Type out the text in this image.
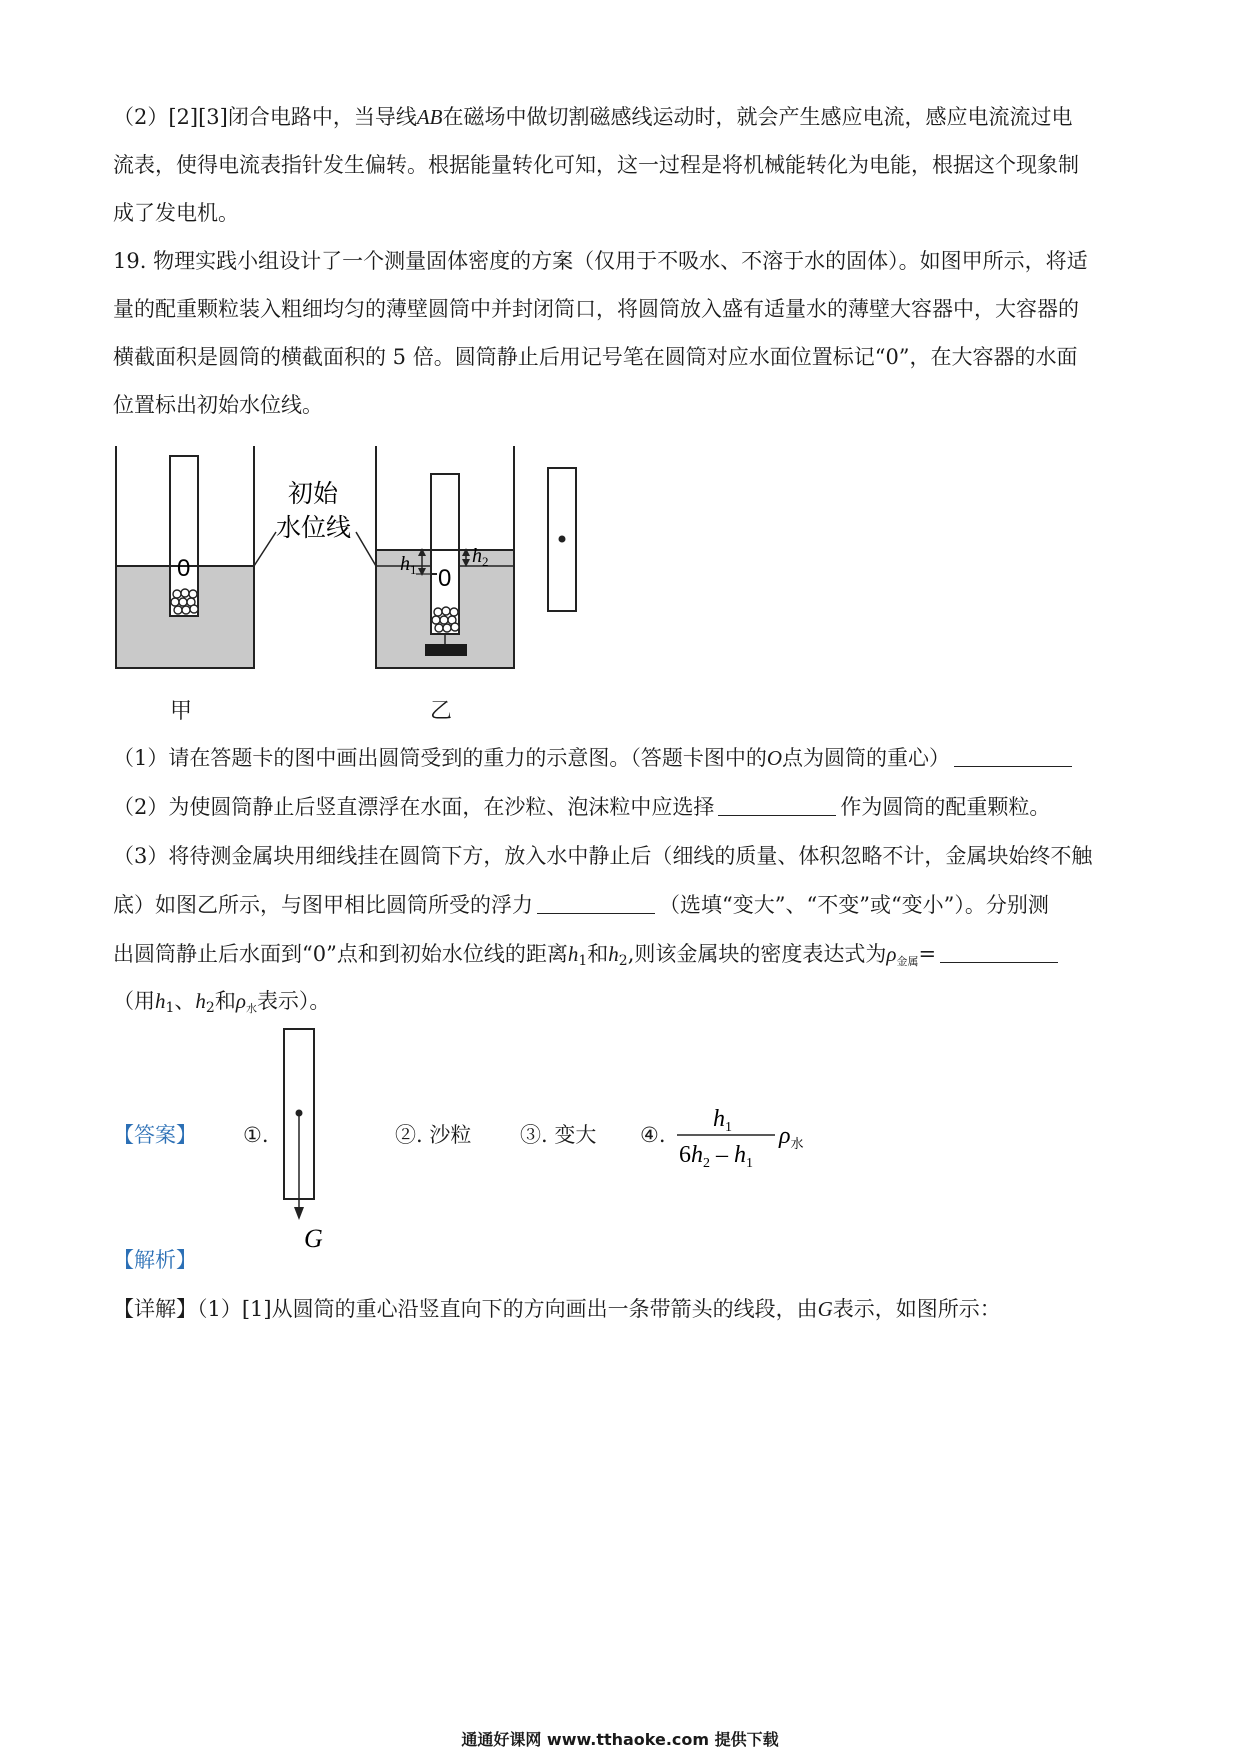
（2）[2][3]闭合电路中，当导线AB在磁场中做切割磁感线运动时，就会产生感应电流，感应电流流过电
流表，使得电流表指针发生偏转。根据能量转化可知，这一过程是将机械能转化为电能，根据这个现象制
成了发电机。
19. 物理实践小组设计了一个测量固体密度的方案（仅用于不吸水、不溶于水的固体）。如图甲所示，将适
量的配重颗粒装入粗细均匀的薄壁圆筒中并封闭筒口，将圆筒放入盛有适量水的薄壁大容器中，大容器的
横截面积是圆筒的横截面积的 5 倍。圆筒静止后用记号笔在圆筒对应水面位置标记“0”，在大容器的水面
位置标出初始水位线。
0
初始
水位线
0
$h_1$
$h_2$
甲	乙
（1）请在答题卡的图中画出圆筒受到的重力的示意图。（答题卡图中的O点为圆筒的重心）
（2）为使圆筒静止后竖直漂浮在水面，在沙粒、泡沫粒中应选择	作为圆筒的配重颗粒。
（3）将待测金属块用细线挂在圆筒下方，放入水中静止后（细线的质量、体积忽略不计，金属块始终不触
底）如图乙所示，与图甲相比圆筒所受的浮力	（选填“变大”、“不变”或“变小”）。分别测
出圆筒静止后水面到“0”点和到初始水位线的距离$h_1$和$h_2$,则该金属块的密度表达式为$\rho_{金属}=$
（用$h_1$、$h_2$和$\rho_水$表示）。
【答案】 ①.
G
②. 沙粒 ③. 变大 ④.
$h_1$
$6h_2 - h_1$
$\rho_水$
【解析】
【详解】（1）[1]从圆筒的重心沿竖直向下的方向画出一条带箭头的线段，由G表示，如图所示：
通通好课网 www.tthaoke.com 提供下载
